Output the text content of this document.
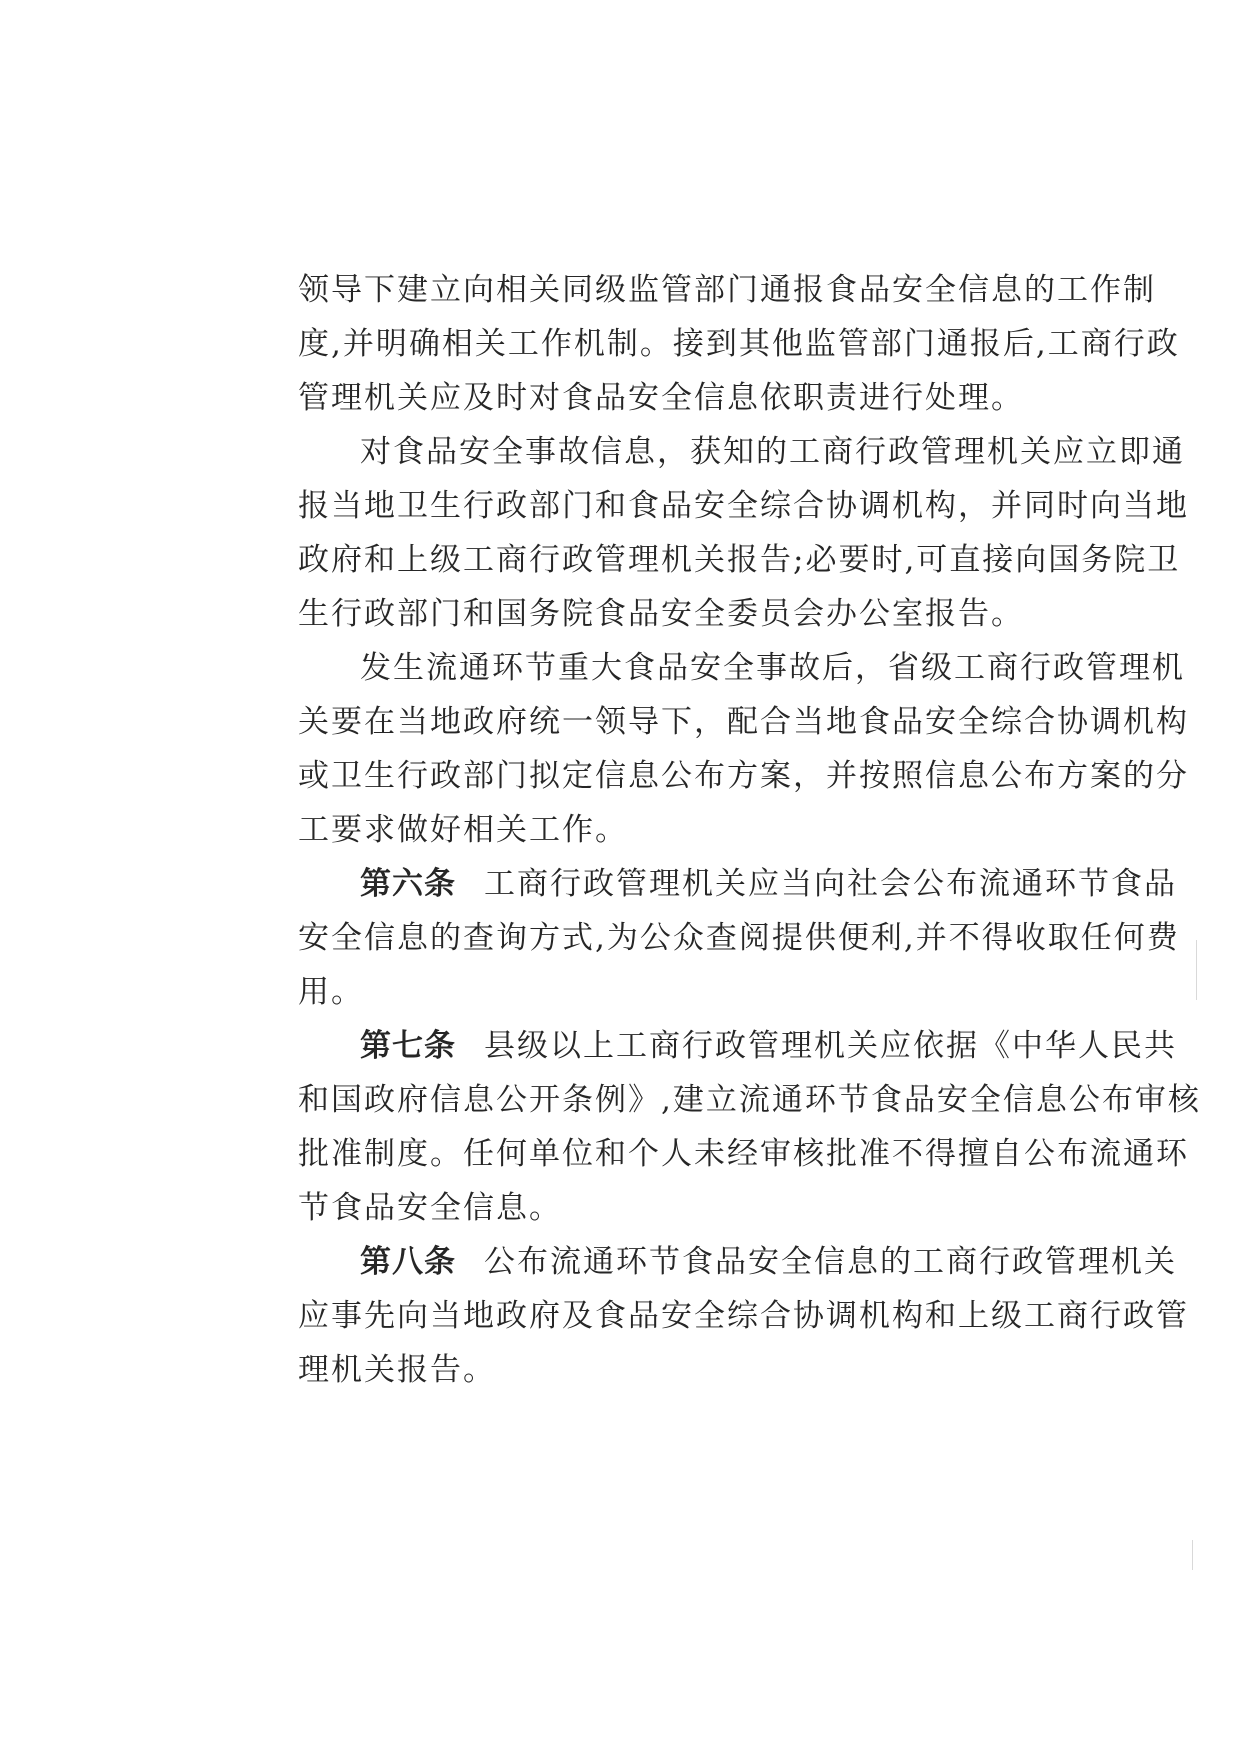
领导下建立向相关同级监管部门通报食品安全信息的工作制
度,并明确相关工作机制。接到其他监管部门通报后,工商行政
管理机关应及时对食品安全信息依职责进行处理。
对食品安全事故信息，获知的工商行政管理机关应立即通
报当地卫生行政部门和食品安全综合协调机构，并同时向当地
政府和上级工商行政管理机关报告;必要时,可直接向国务院卫
生行政部门和国务院食品安全委员会办公室报告。
发生流通环节重大食品安全事故后，省级工商行政管理机
关要在当地政府统一领导下，配合当地食品安全综合协调机构
或卫生行政部门拟定信息公布方案，并按照信息公布方案的分
工要求做好相关工作。
第六条 工商行政管理机关应当向社会公布流通环节食品
安全信息的查询方式,为公众查阅提供便利,并不得收取任何费
用。
第七条 县级以上工商行政管理机关应依据《中华人民共
和国政府信息公开条例》,建立流通环节食品安全信息公布审核
批准制度。任何单位和个人未经审核批准不得擅自公布流通环
节食品安全信息。
第八条 公布流通环节食品安全信息的工商行政管理机关
应事先向当地政府及食品安全综合协调机构和上级工商行政管
理机关报告。
